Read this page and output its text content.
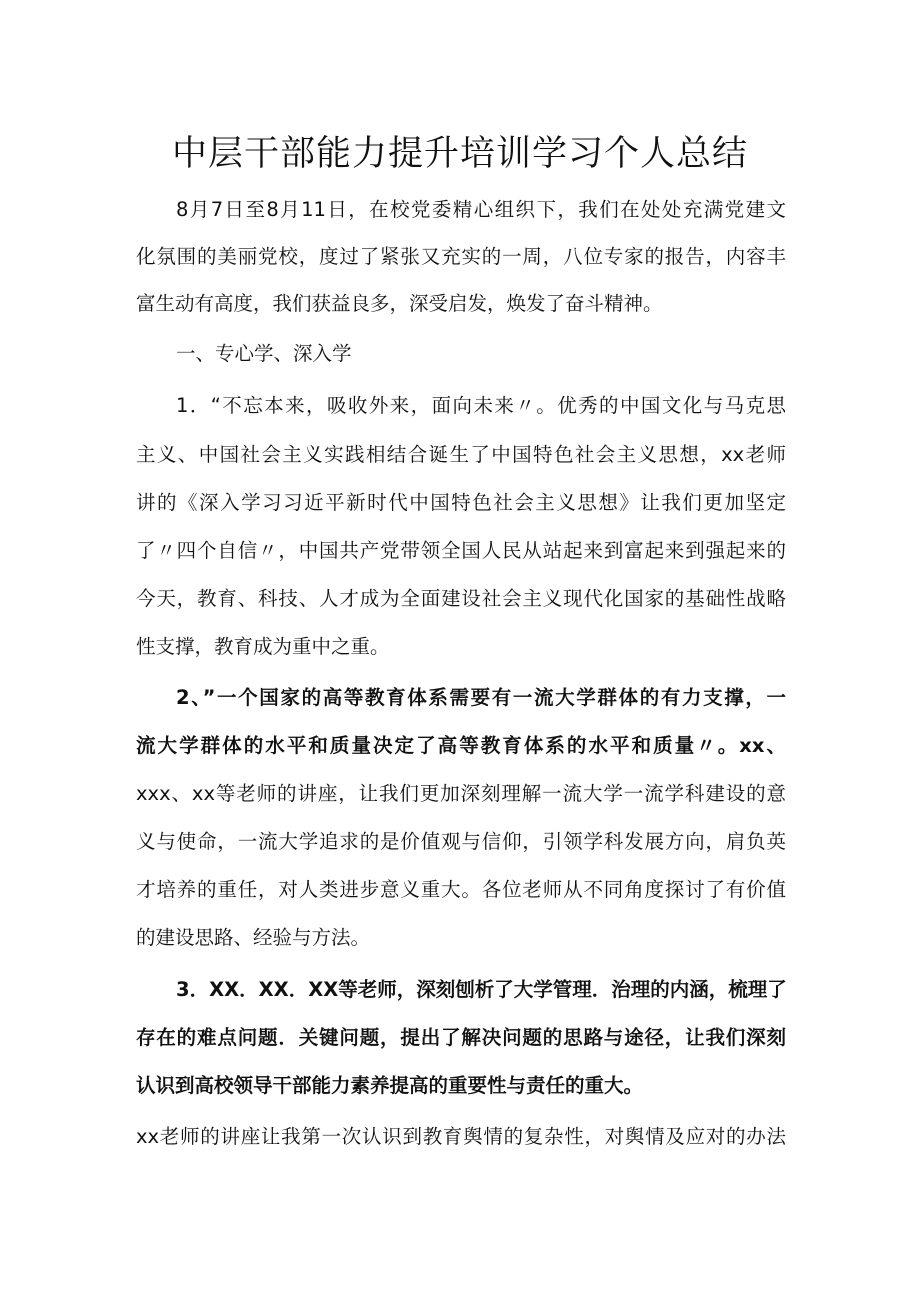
中层干部能力提升培训学习个人总结

8月7日至8月11日，在校党委精心组织下，我们在处处充满党建文

化氛围的美丽党校，度过了紧张又充实的一周，八位专家的报告，内容丰

富生动有高度，我们获益良多，深受启发，焕发了奋斗精神。

一、专心学、深入学

1．“不忘本来，吸收外来，面向未来〃。优秀的中国文化与马克思

主义、中国社会主义实践相结合诞生了中国特色社会主义思想，xx老师

讲的《深入学习习近平新时代中国特色社会主义思想》让我们更加坚定

了〃四个自信〃，中国共产党带领全国人民从站起来到富起来到强起来的

今天，教育、科技、人才成为全面建设社会主义现代化国家的基础性战略

性支撑，教育成为重中之重。

2、”一个国家的高等教育体系需要有一流大学群体的有力支撑，一

流大学群体的水平和质量决定了高等教育体系的水平和质量〃。xx、

xxx、xx等老师的讲座，让我们更加深刻理解一流大学一流学科建设的意

义与使命，一流大学追求的是价值观与信仰，引领学科发展方向，肩负英

才培养的重任，对人类进步意义重大。各位老师从不同角度探讨了有价值

的建设思路、经验与方法。

3．XX．XX．XX等老师，深刻刨析了大学管理．治理的内涵，梳理了

存在的难点问题．关键问题，提出了解决问题的思路与途径，让我们深刻

认识到高校领导干部能力素养提高的重要性与责任的重大。

xx老师的讲座让我第一次认识到教育舆情的复杂性，对舆情及应对的办法
